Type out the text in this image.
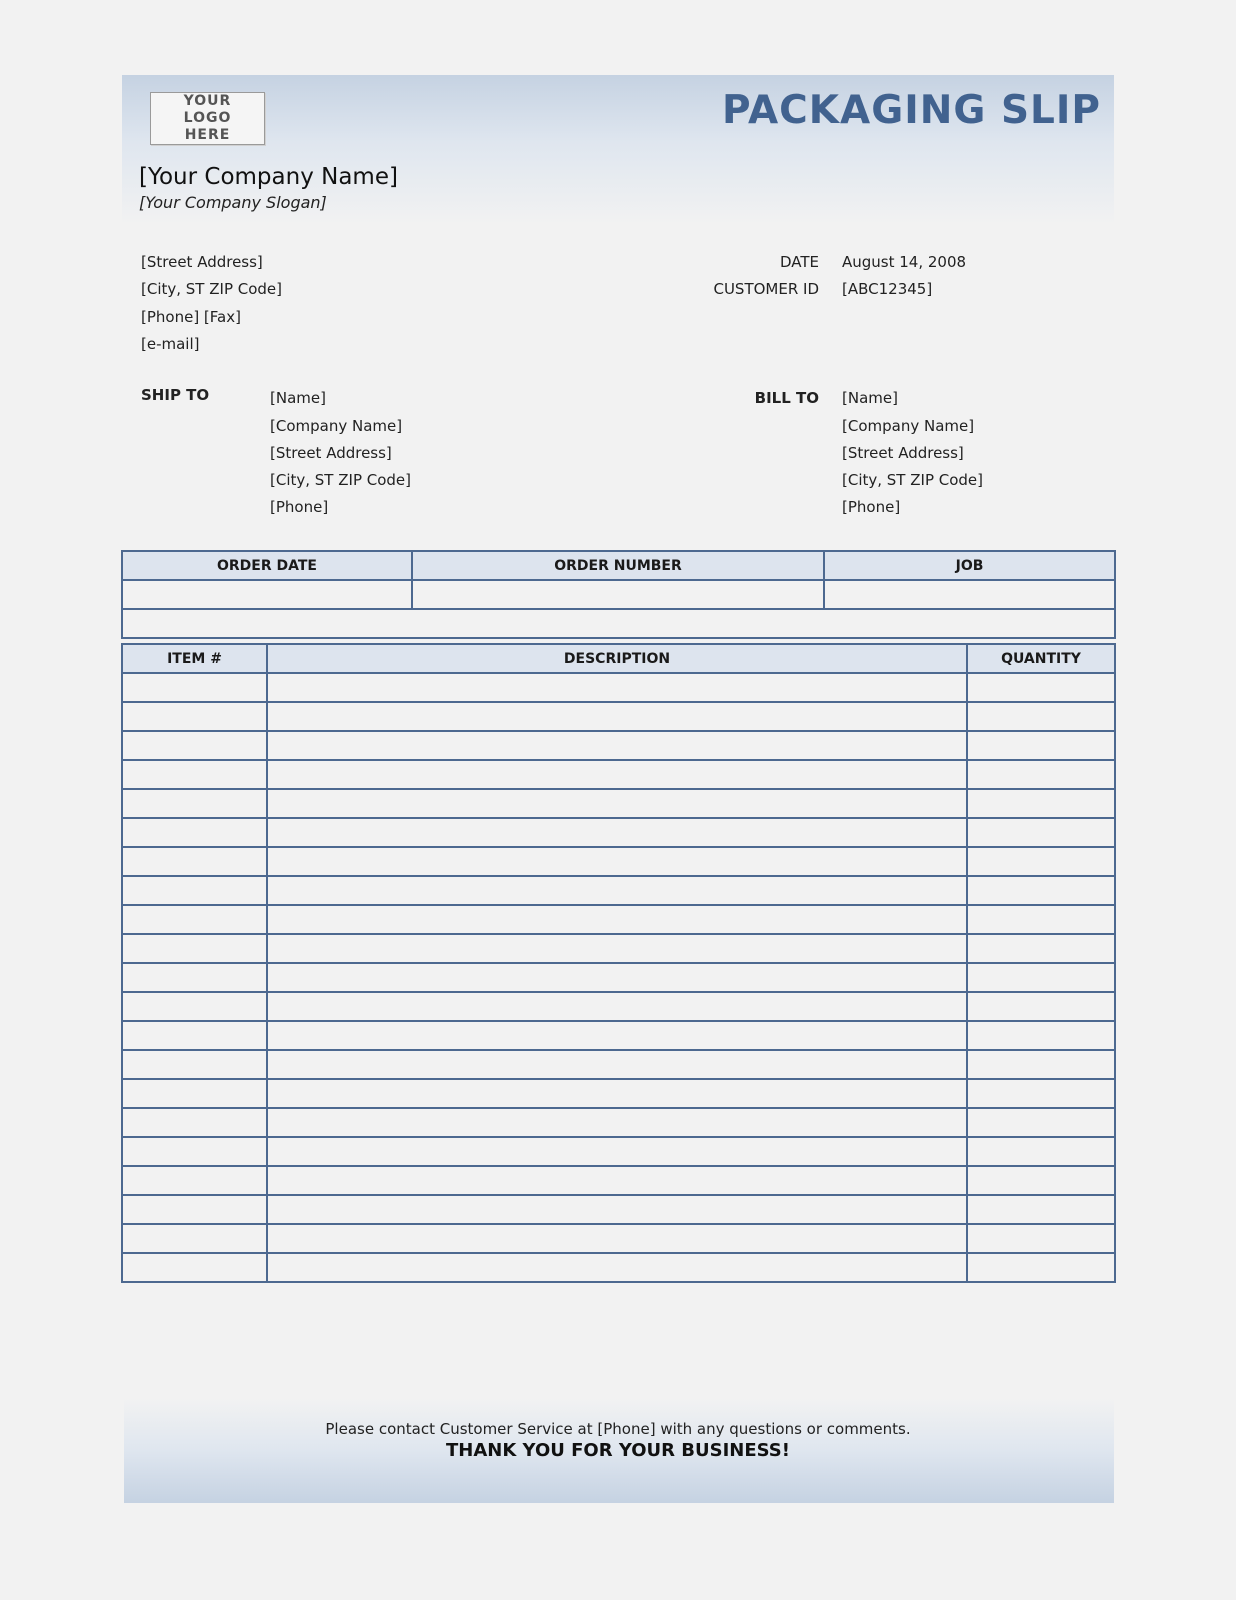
YOUR LOGO HERE
PACKAGING SLIP
[Your Company Name]
[Your Company Slogan]
[Street Address]
[City, ST ZIP Code]
[Phone] [Fax]
[e-mail]
DATE August 14, 2008
CUSTOMER ID [ABC12345]
SHIP TO	[Name]
[Company Name]
[Street Address]
[City, ST ZIP Code]
[Phone]
BILL TO [Name]
[Company Name]
[Street Address]
[City, ST ZIP Code]
[Phone]
ORDER DATE	ORDER NUMBER	JOB

ITEM #	DESCRIPTION	QUANTITY

Please contact Customer Service at [Phone] with any questions or comments.
THANK YOU FOR YOUR BUSINESS!
